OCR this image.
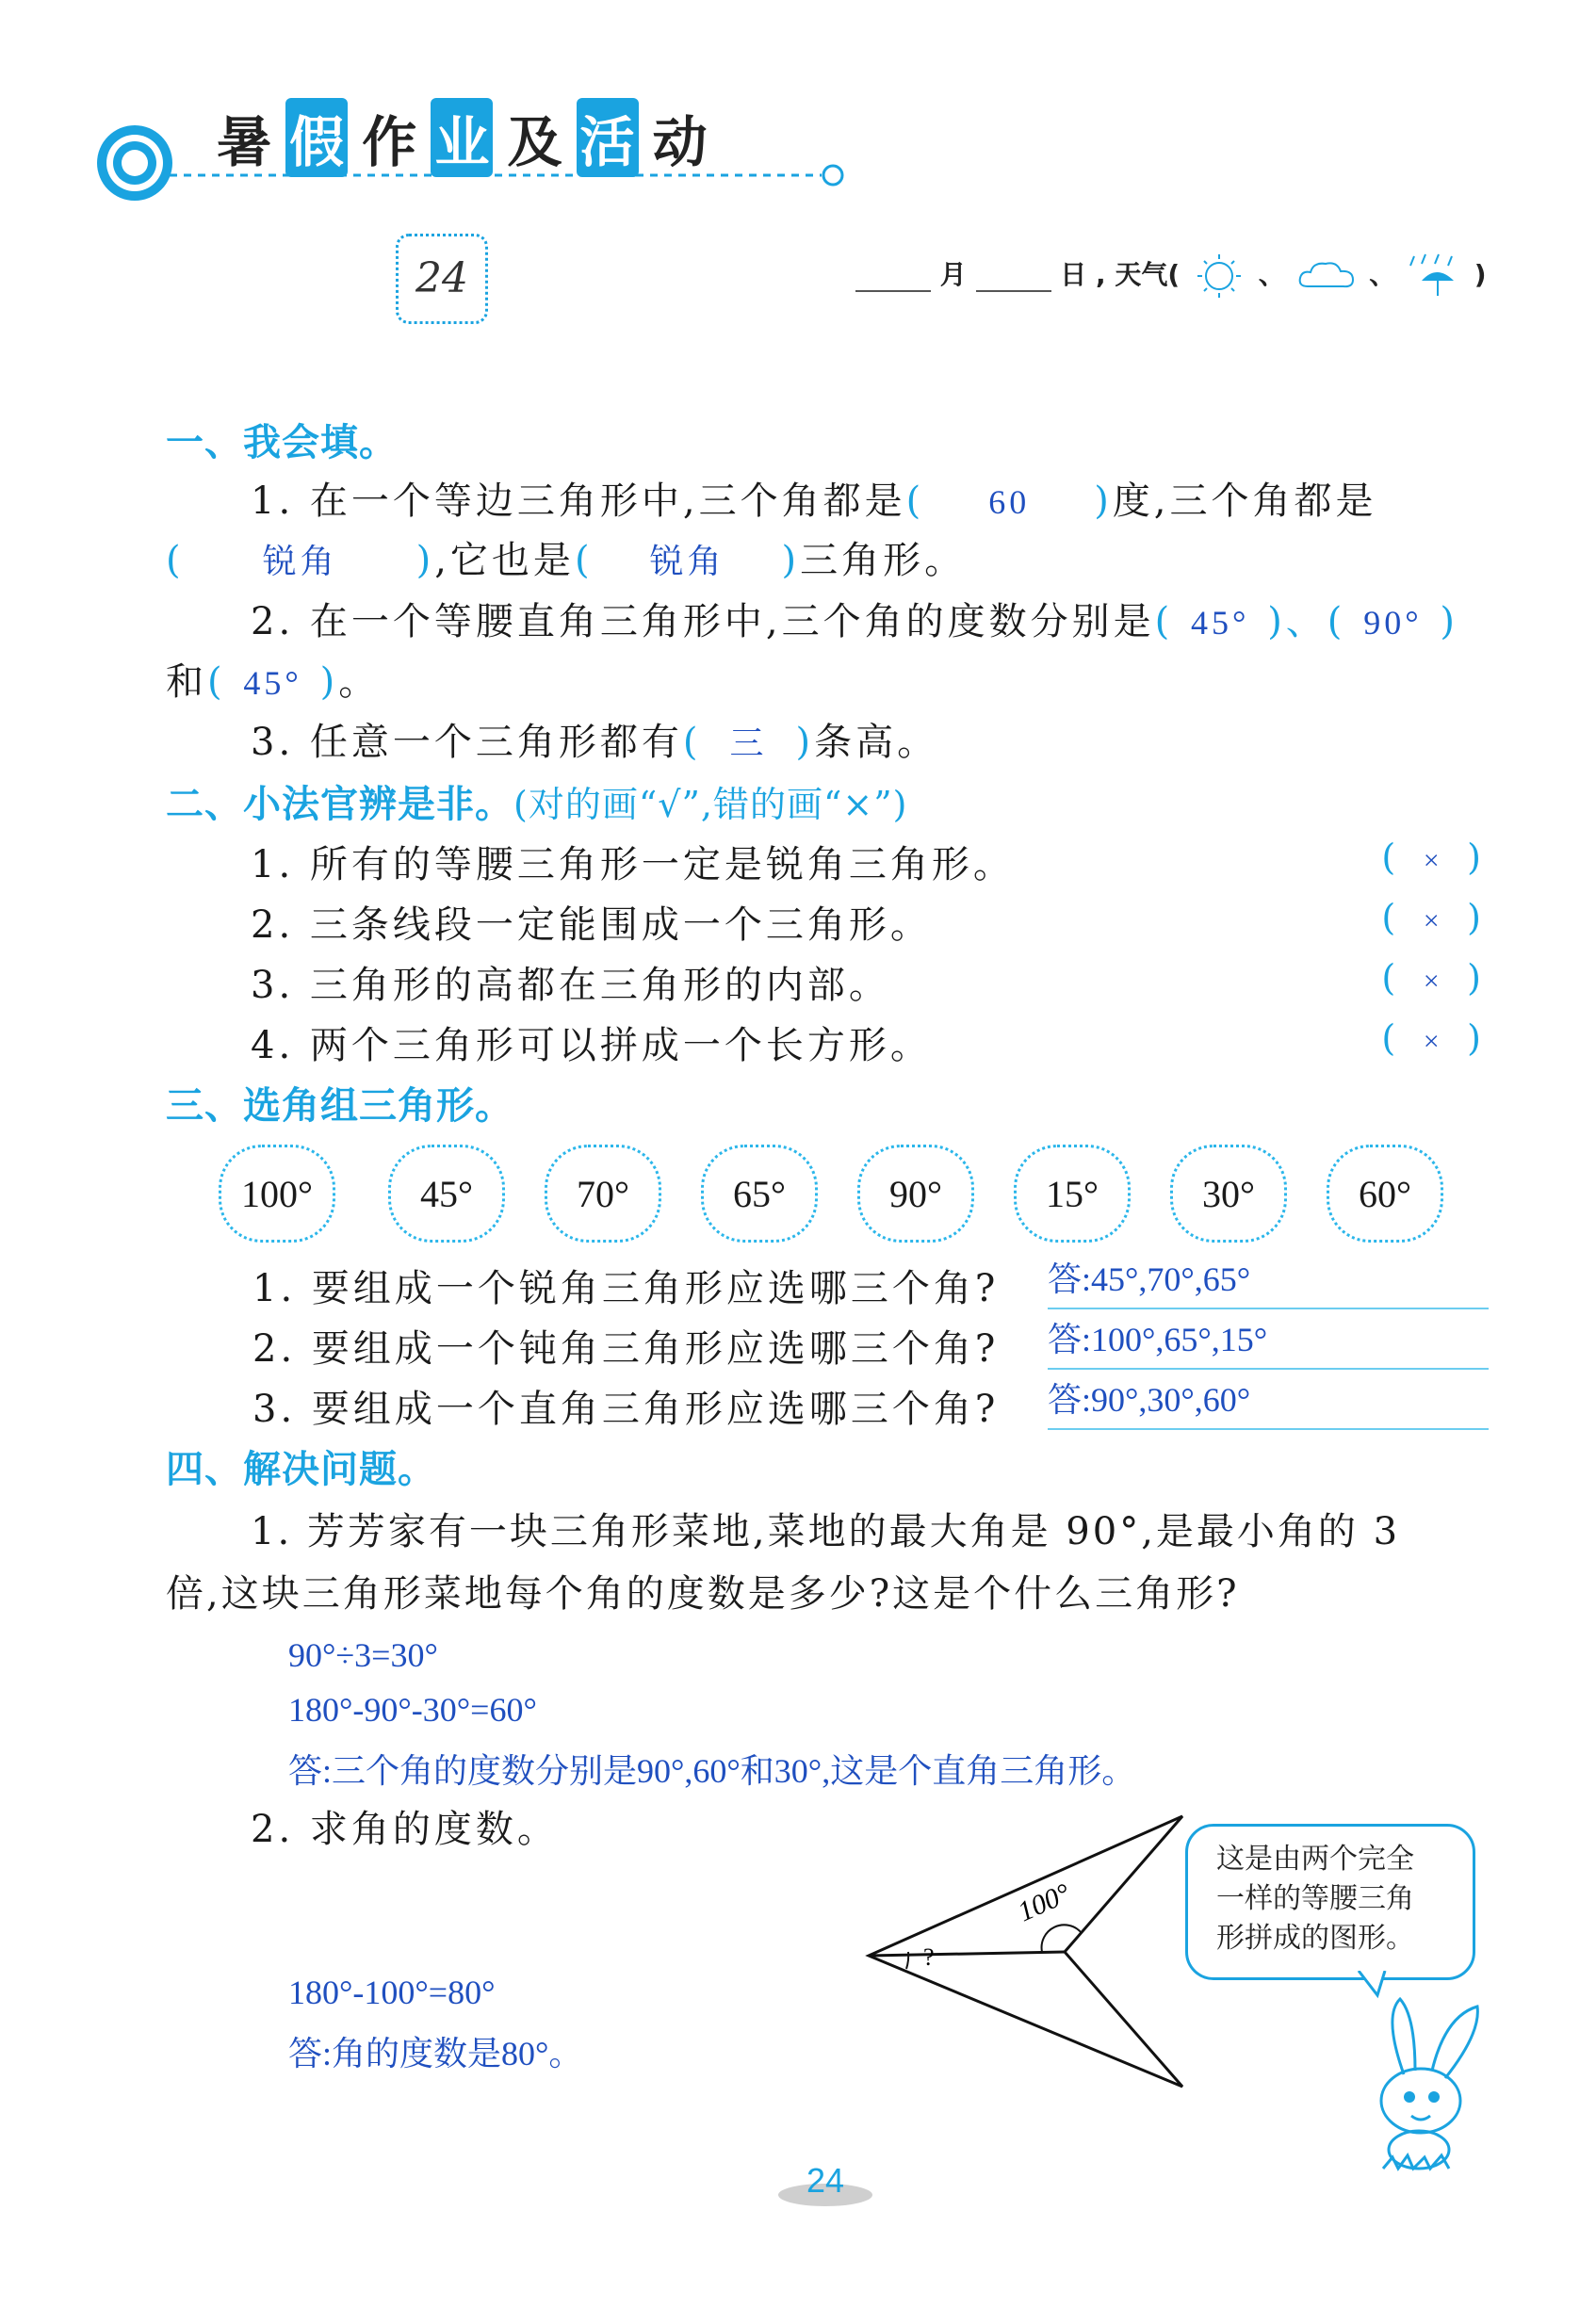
暑 假 作 业 及 活 动
24	月	日 , 天气(	、	、	)
一、我会填。
1. 在一个等边三角形中,三个角都是( 60 )度,三个角都是
( 锐角 ),它也是( 锐角 )三角形。
2. 在一个等腰直角三角形中,三个角的度数分别是( 45° )、( 90° )
和( 45° )。
3. 任意一个三角形都有( 三 )条高。
二、小法官辨是非。(对的画“√”,错的画“×”)
1. 所有的等腰三角形一定是锐角三角形。	( × )
2. 三条线段一定能围成一个三角形。	( × )
3. 三角形的高都在三角形的内部。	( × )
4. 两个三角形可以拼成一个长方形。	( × )
三、选角组三角形。
100°	45°	70°	65°	90°	15°	30°	60°
1. 要组成一个锐角三角形应选哪三个角? 答:45°,70°,65°
2. 要组成一个钝角三角形应选哪三个角? 答:100°,65°,15°
3. 要组成一个直角三角形应选哪三个角? 答:90°,30°,60°
四、解决问题。
1. 芳芳家有一块三角形菜地,菜地的最大角是 90°,是最小角的 3
倍,这块三角形菜地每个角的度数是多少?这是个什么三角形?
90°÷3=30°
180°-90°-30°=60°
答:三个角的度数分别是90°,60°和30°,这是个直角三角形。
2. 求角的度数。
180°-100°=80°
答:角的度数是80°。
100°
?
这是由两个完全
一样的等腰三角
形拼成的图形。
24
